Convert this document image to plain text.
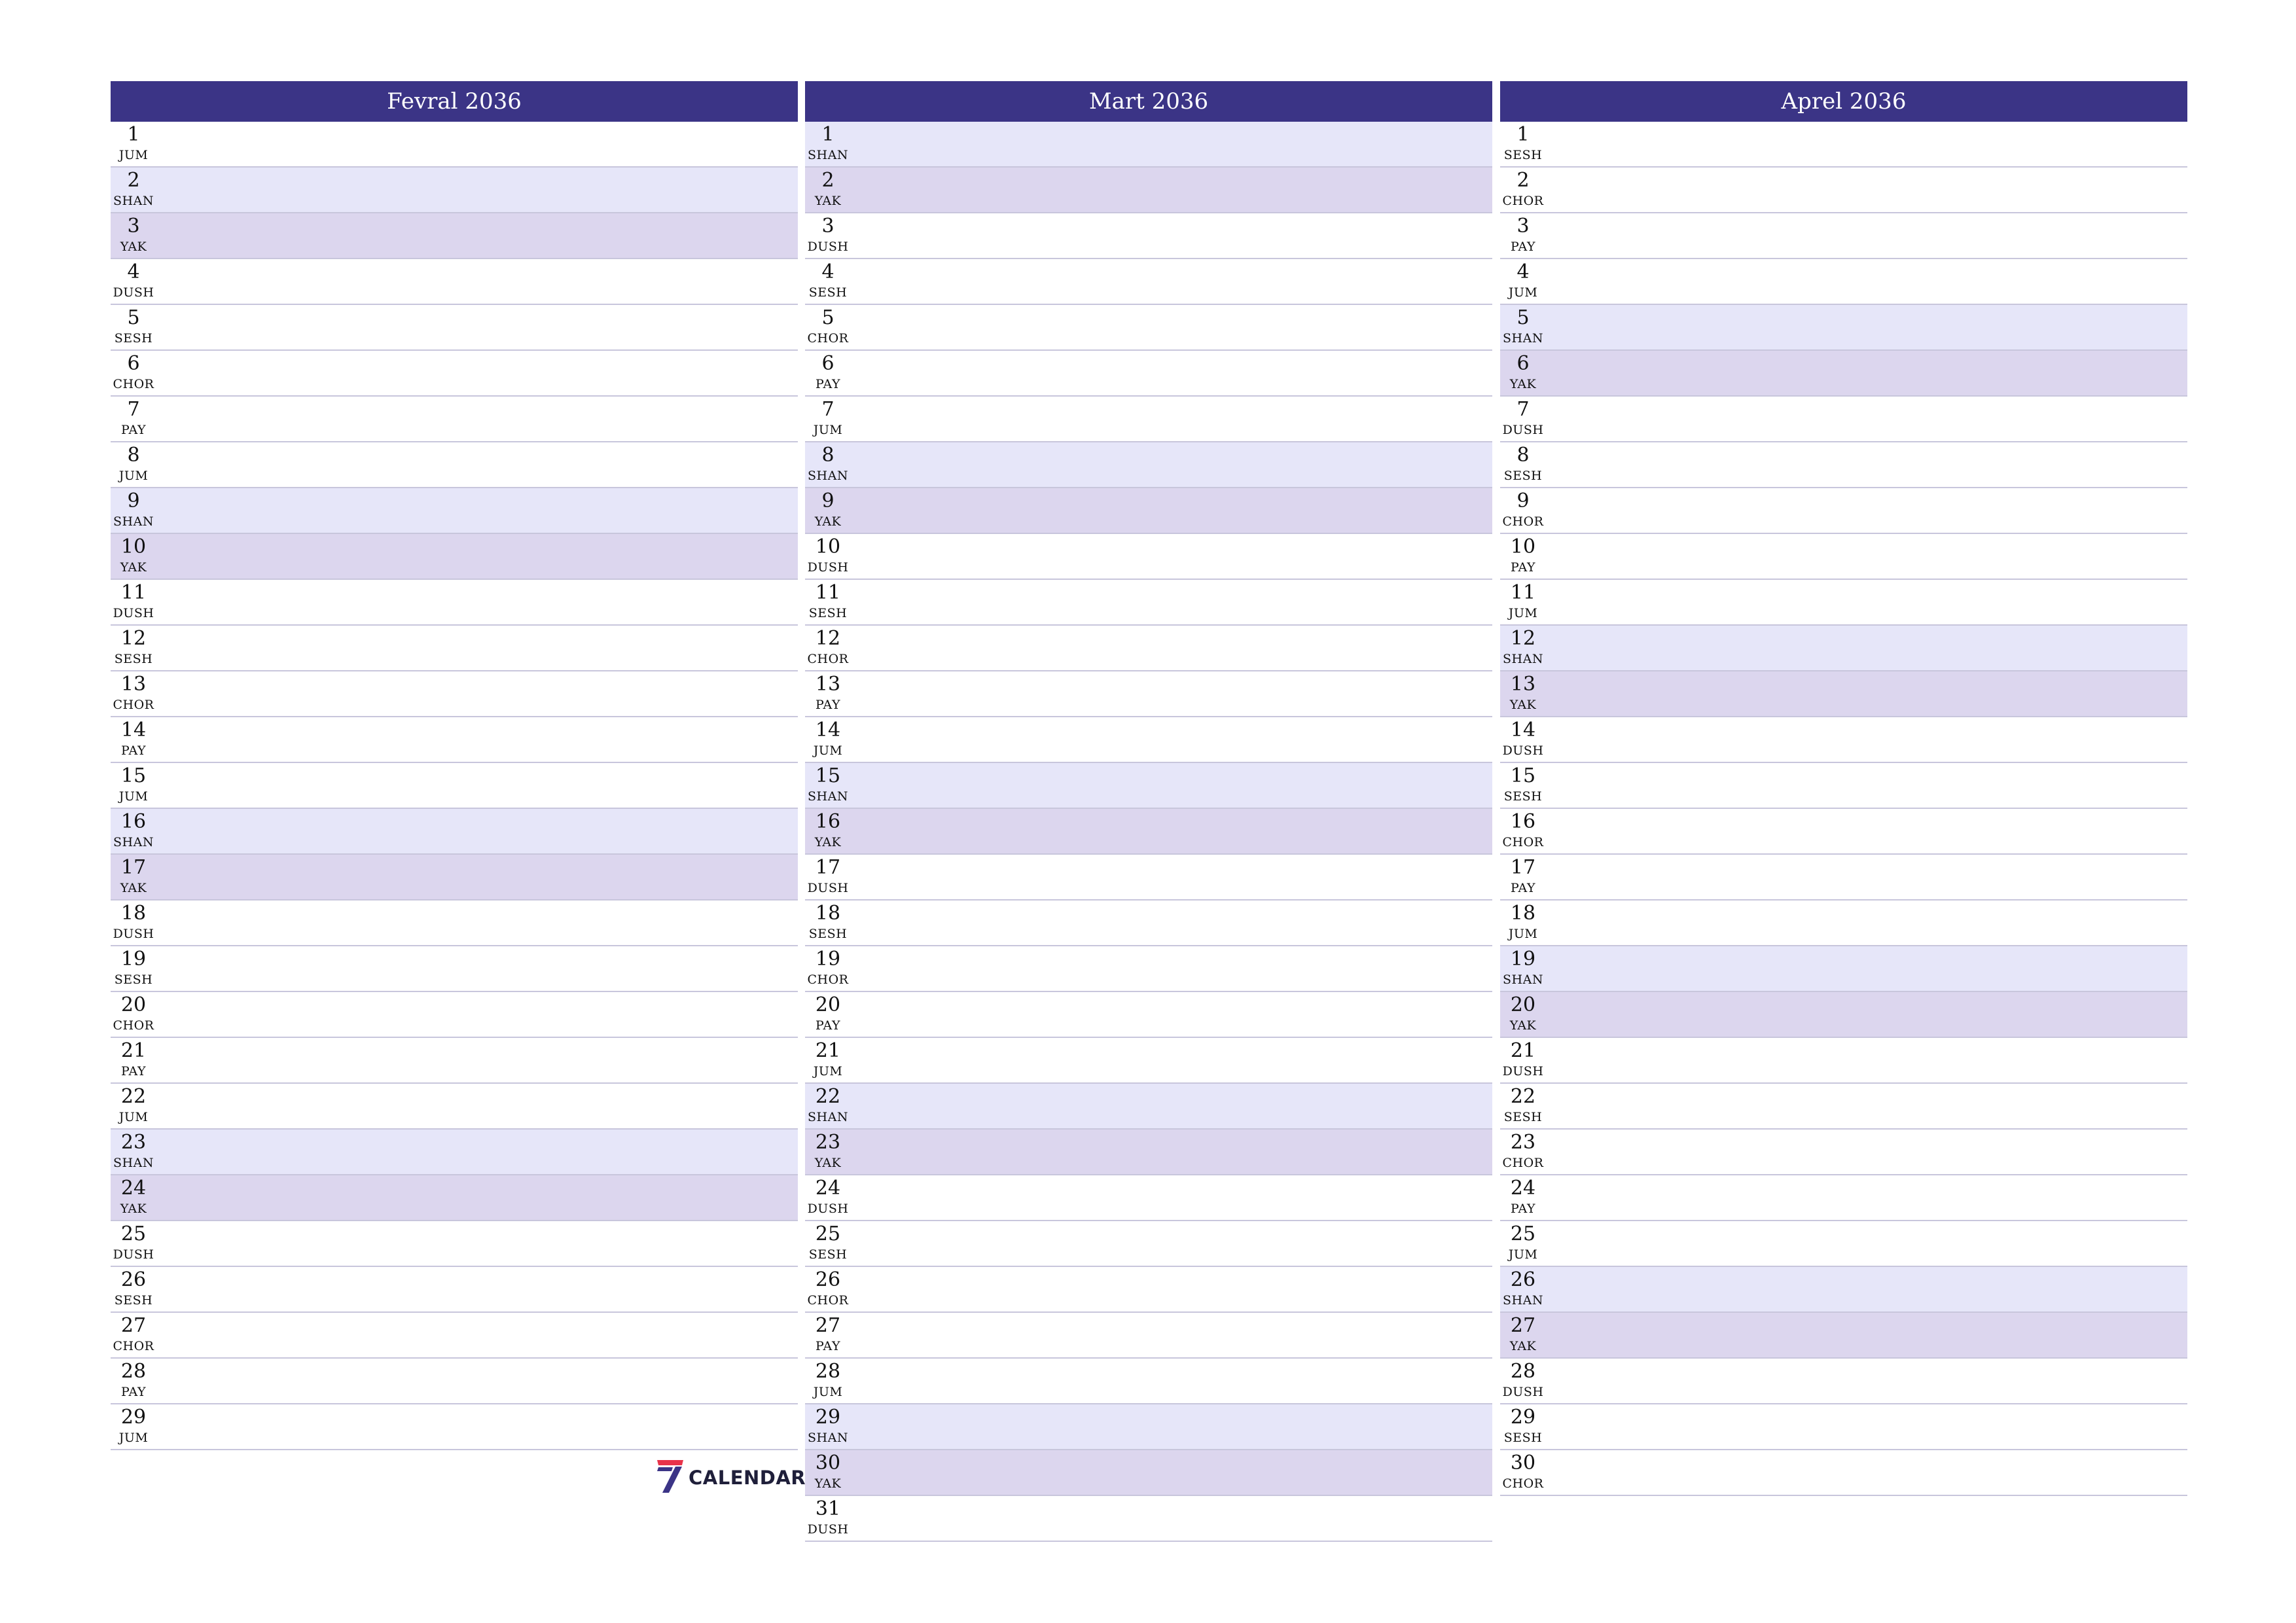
Fevral 2036
1
JUM
2
SHAN
3
YAK
4
DUSH
5
SESH
6
CHOR
7
PAY
8
JUM
9
SHAN
10
YAK
11
DUSH
12
SESH
13
CHOR
14
PAY
15
JUM
16
SHAN
17
YAK
18
DUSH
19
SESH
20
CHOR
21
PAY
22
JUM
23
SHAN
24
YAK
25
DUSH
26
SESH
27
CHOR
28
PAY
29
JUM
Mart 2036
1
SHAN
2
YAK
3
DUSH
4
SESH
5
CHOR
6
PAY
7
JUM
8
SHAN
9
YAK
10
DUSH
11
SESH
12
CHOR
13
PAY
14
JUM
15
SHAN
16
YAK
17
DUSH
18
SESH
19
CHOR
20
PAY
21
JUM
22
SHAN
23
YAK
24
DUSH
25
SESH
26
CHOR
27
PAY
28
JUM
29
SHAN
30
YAK
31
DUSH
Aprel 2036
1
SESH
2
CHOR
3
PAY
4
JUM
5
SHAN
6
YAK
7
DUSH
8
SESH
9
CHOR
10
PAY
11
JUM
12
SHAN
13
YAK
14
DUSH
15
SESH
16
CHOR
17
PAY
18
JUM
19
SHAN
20
YAK
21
DUSH
22
SESH
23
CHOR
24
PAY
25
JUM
26
SHAN
27
YAK
28
DUSH
29
SESH
30
CHOR
CALENDAR
